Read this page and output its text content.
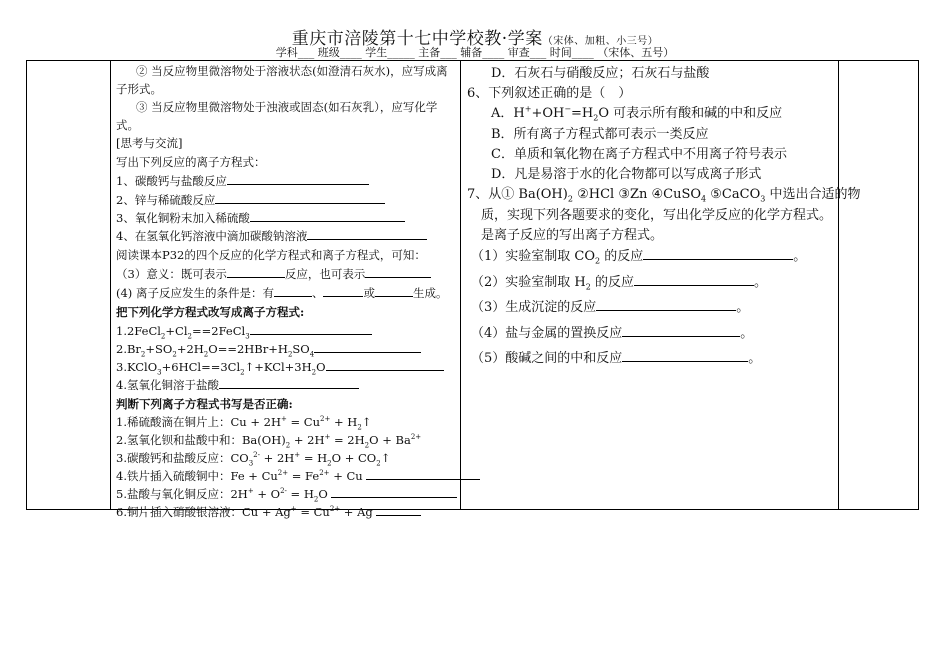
重庆市涪陵第十七中学校教·学案（宋体、加粗、小三号）
学科___ 班级____ 学生_____ 主备___ 辅备____ 审查___ 时间____ （宋体、五号）
② 当反应物里微溶物处于溶液状态(如澄清石灰水)，应写成离
子形式。
③ 当反应物里微溶物处于浊液或固态(如石灰乳），应写化学
式。
[思考与交流]
写出下列反应的离子方程式：
1、碳酸钙与盐酸反应
2、锌与稀硫酸反应
3、氧化铜粉末加入稀硫酸
4、在氢氧化钙溶液中滴加碳酸钠溶液
阅读课本P32的四个反应的化学方程式和离子方程式，可知：
（3）意义：既可表示	反应，也可表示
(4) 离子反应发生的条件是：有	、	或	生成。
把下列化学方程式改写成离子方程式:
$1.2FeCl_2+Cl_2==2FeCl_3$
$2.Br_2+SO_2+2H_2O==2HBr+H_2SO_4$
$3.KClO_3+6HCl==3Cl_2↑+KCl+3H_2O$
4.氢氧化铜溶于盐酸
判断下列离子方程式书写是否正确:
1.稀硫酸滴在铜片上：$Cu + 2H^+ = Cu^{2+}$ + $H_2↑$
2.氢氧化钡和盐酸中和：$Ba(OH)_2 + 2H^+ = 2H_2O + Ba^{2+}$
3.碳酸钙和盐酸反应：$CO_3^{2-} + 2H^+ = H_2O$ + $CO_2↑$
4.铁片插入硫酸铜中：$Fe + Cu^{2+} = Fe^{2+} + Cu$
5.盐酸与氧化铜反应：$2H^+ + O^{2-} = H_2O$
6.铜片插入硝酸银溶液：$Cu + Ag^+ = Cu^{2+} + Ag$
D．石灰石与硝酸反应；石灰石与盐酸
6、下列叙述正确的是（　）
A．$H^++OH^-=H_2O$ 可表示所有酸和碱的中和反应
B．所有离子方程式都可表示一类反应
C．单质和氧化物在离子方程式中不用离子符号表示
D．凡是易溶于水的化合物都可以写成离子形式
7、从① $Ba(OH)_2$ ②HCl ③Zn ④CuSO$_4$ ⑤CaCO$_3$ 中选出合适的物
质，实现下列各题要求的变化，写出化学反应的化学方程式。
是离子反应的写出离子方程式。
（1）实验室制取 $CO_2$ 的反应	。
（2）实验室制取 $H_2$ 的反应	。
（3）生成沉淀的反应	。
（4）盐与金属的置换反应	。
（5）酸碱之间的中和反应	。
